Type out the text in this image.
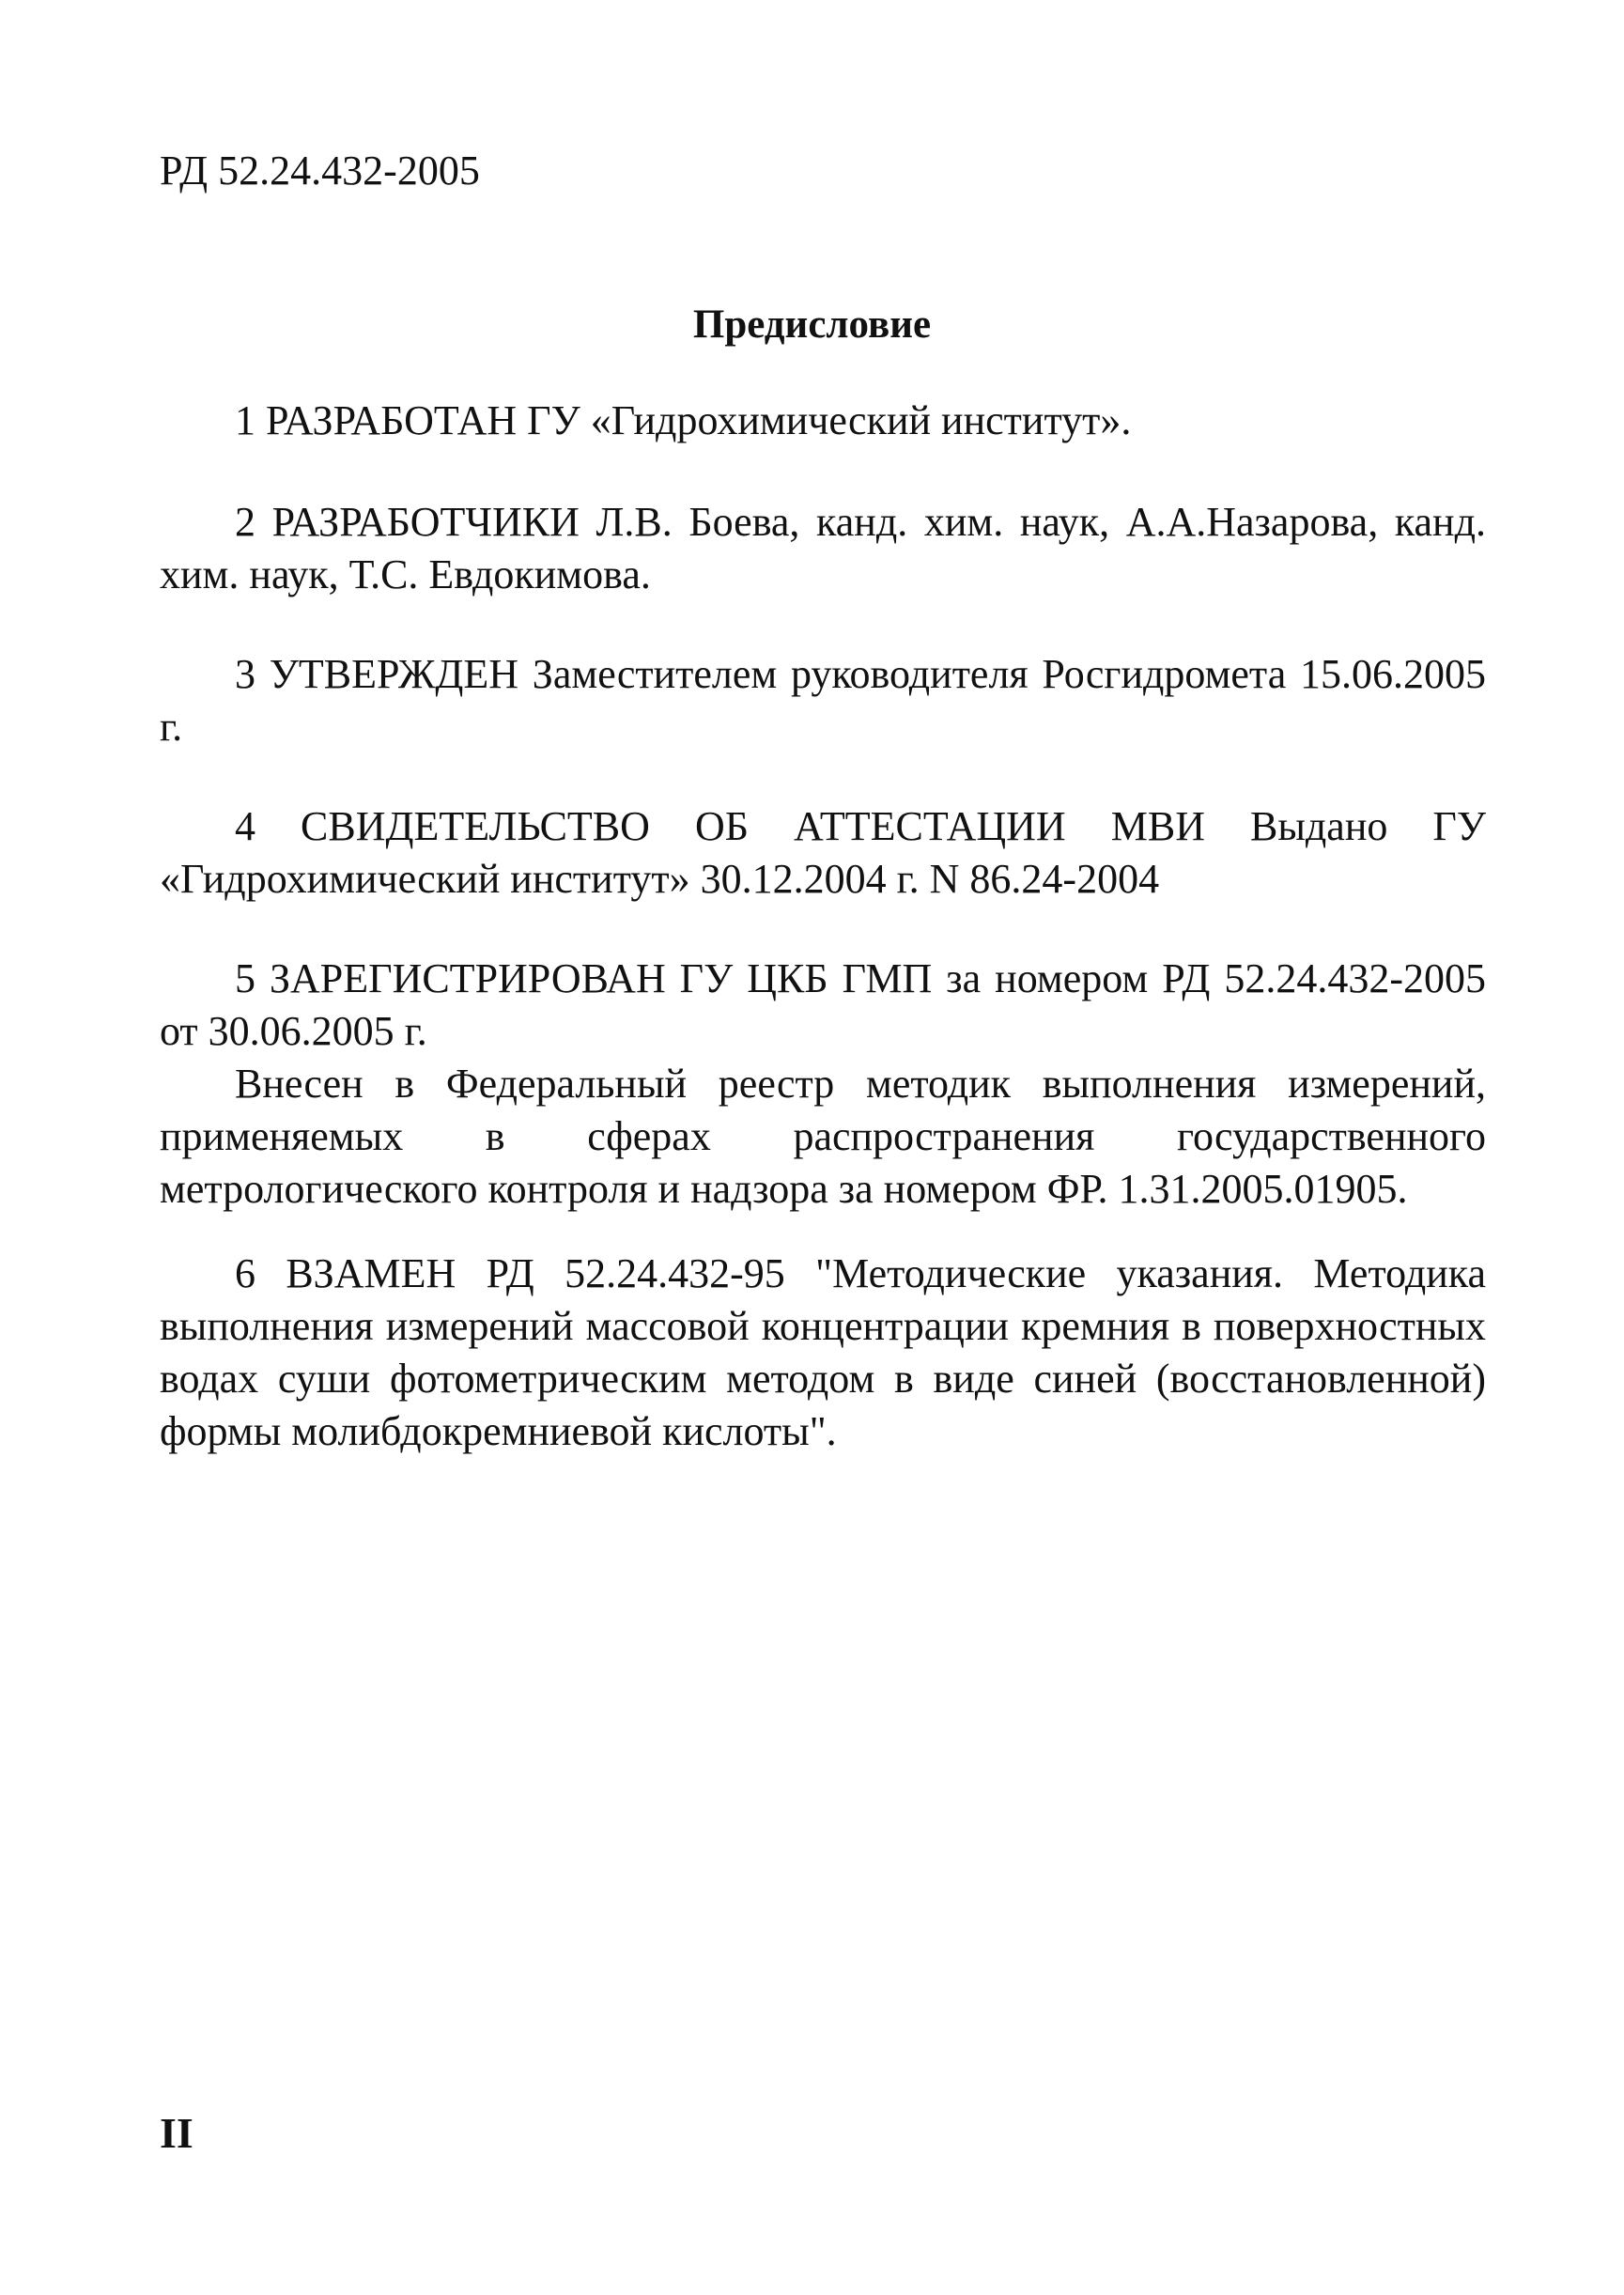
РД 52.24.432-2005
Предисловие

1 РАЗРАБОТАН ГУ «Гидрохимический институт».

2 РАЗРАБОТЧИКИ Л.В. Боева, канд. хим. наук, А.А.Назарова, канд. хим. наук, Т.С. Евдокимова.

3 УТВЕРЖДЕН Заместителем руководителя Росгидромета 15.06.2005 г.

4 СВИДЕТЕЛЬСТВО ОБ АТТЕСТАЦИИ МВИ Выдано ГУ «Гидрохимический институт» 30.12.2004 г. N 86.24-2004

5 ЗАРЕГИСТРИРОВАН ГУ ЦКБ ГМП за номером РД 52.24.432-2005 от 30.06.2005 г.

Внесен в Федеральный реестр методик выполнения измерений, применяемых в сферах распространения государственного метрологического контроля и надзора за номером ФР. 1.31.2005.01905.

6 ВЗАМЕН РД 52.24.432-95 "Методические указания. Методика выполнения измерений массовой концентрации кремния в поверхностных водах суши фотометрическим методом в виде синей (восстановленной) формы молибдокремниевой кислоты".

II
